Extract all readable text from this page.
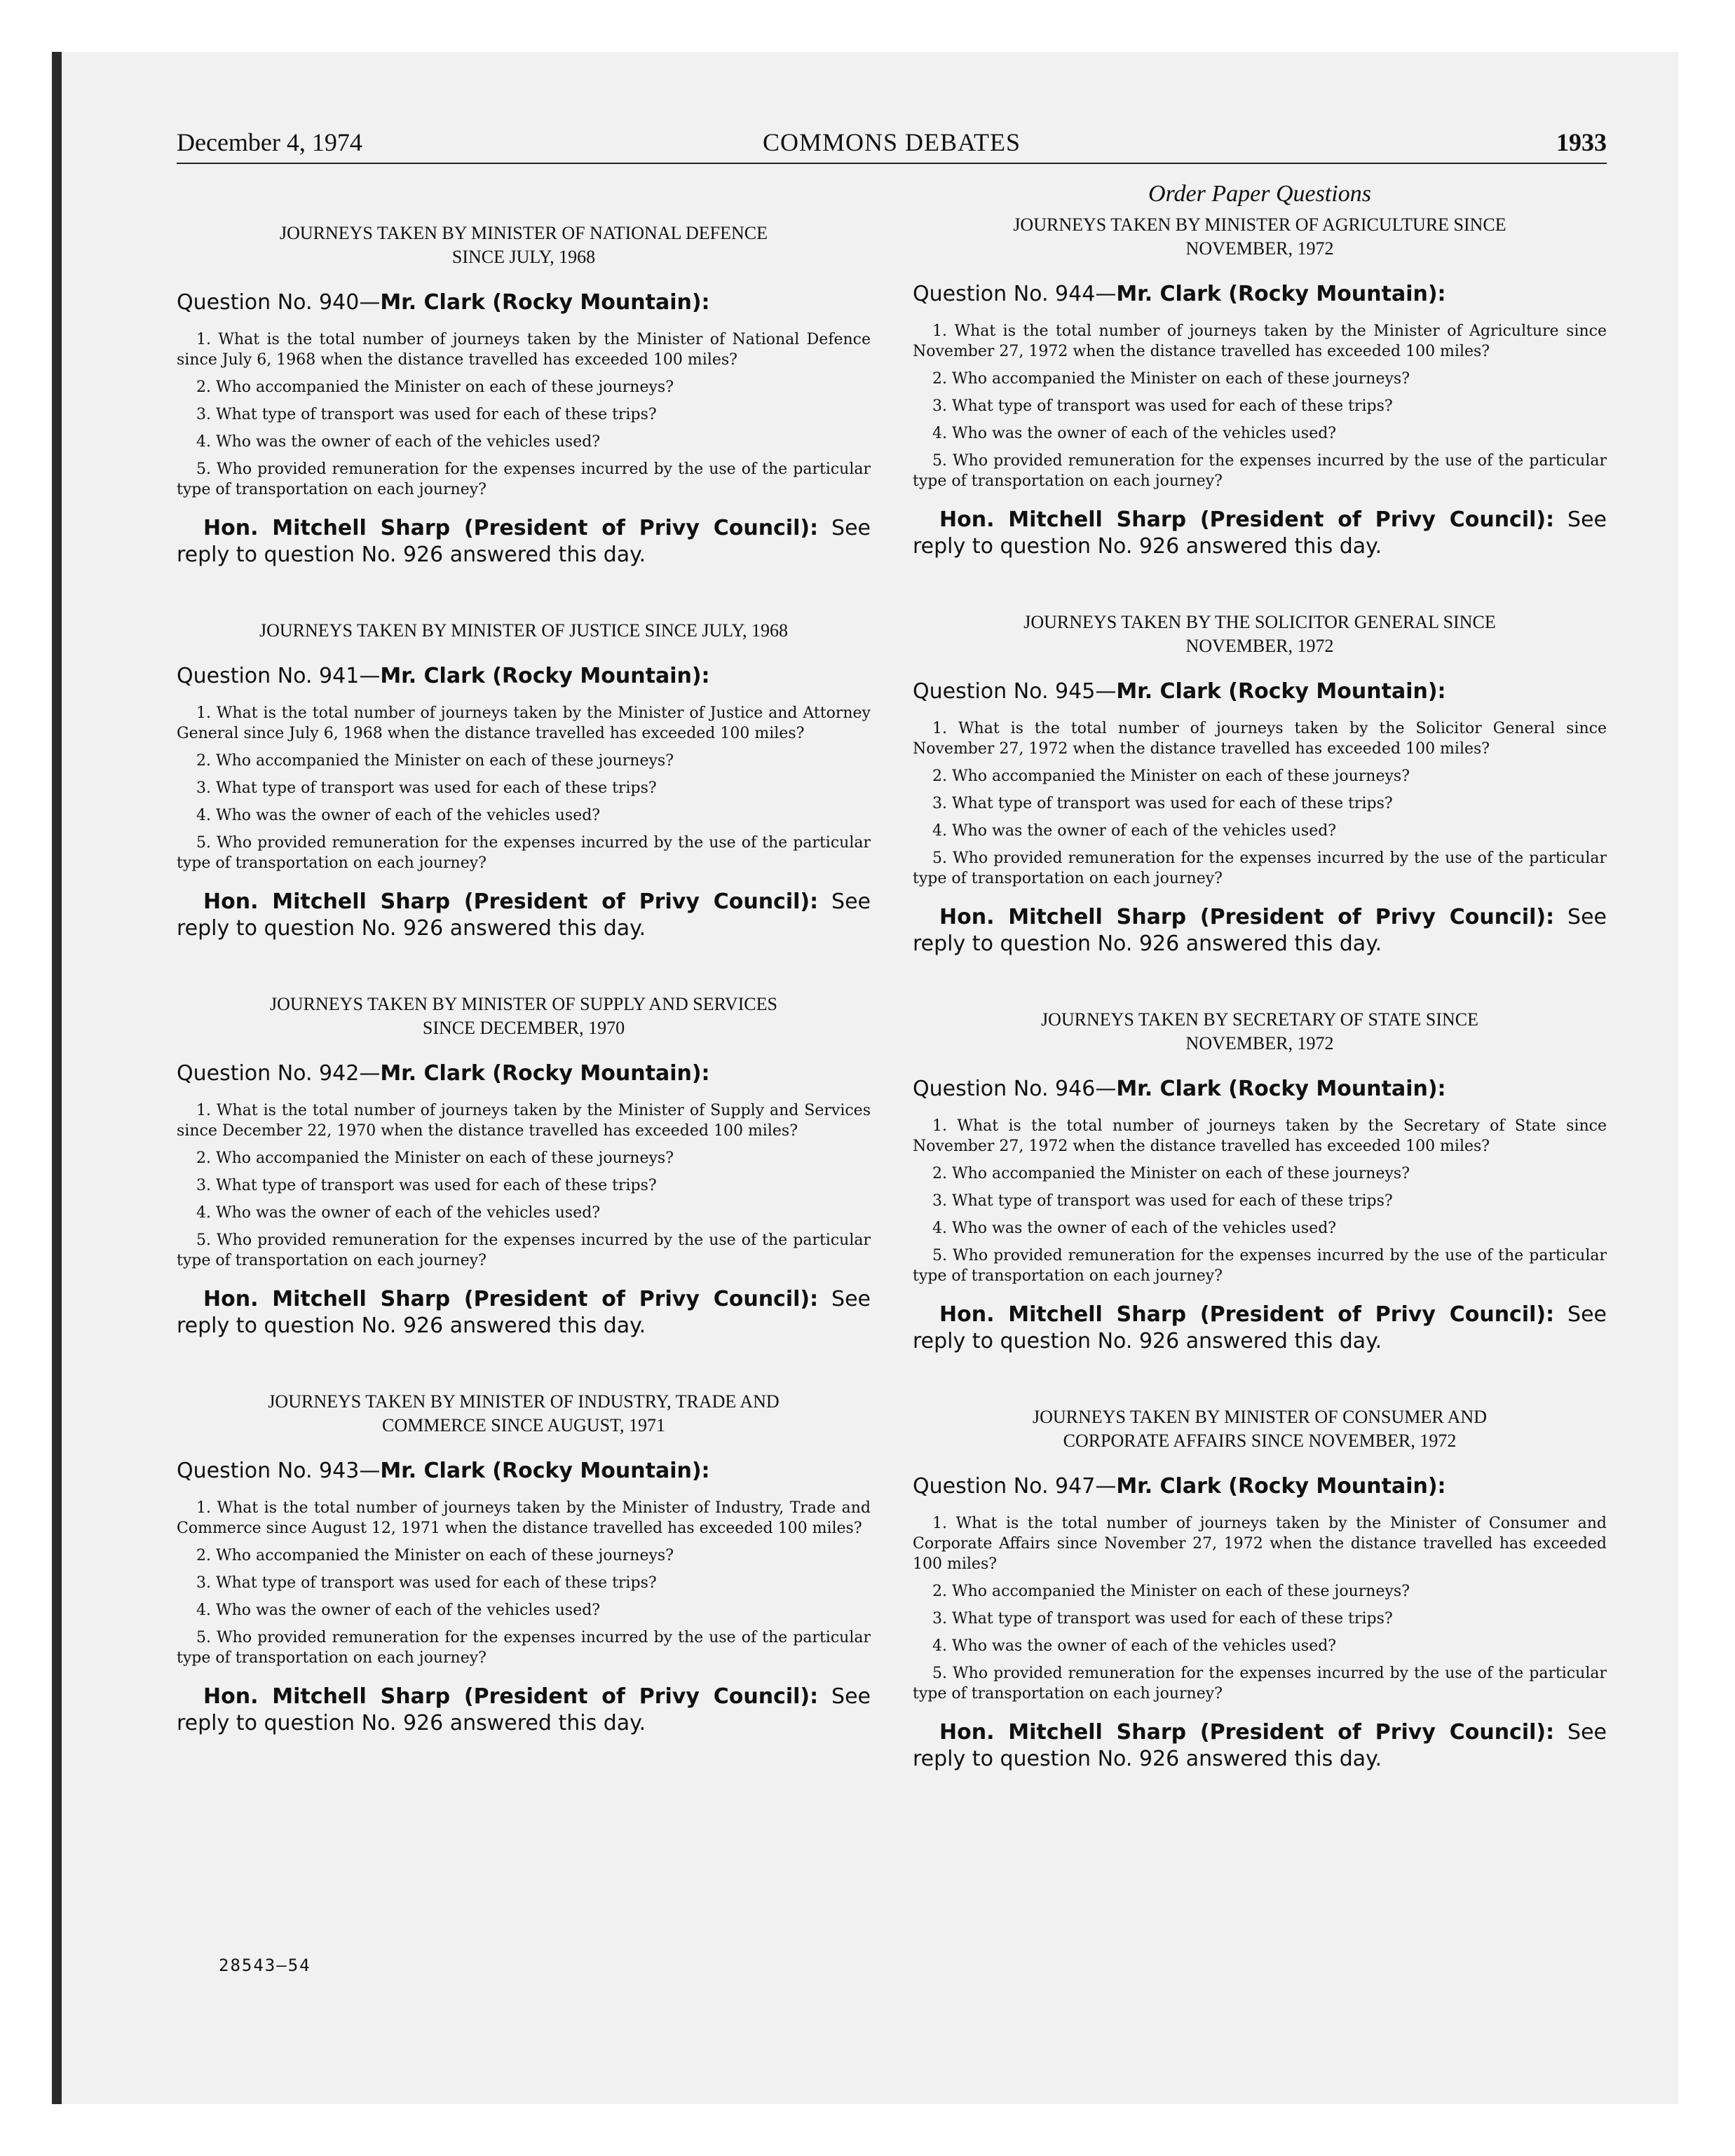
December 4, 1974	COMMONS DEBATES	1933
JOURNEYS TAKEN BY MINISTER OF NATIONAL DEFENCE
SINCE JULY, 1968

Question No. 940—Mr. Clark (Rocky Mountain):

1. What is the total number of journeys taken by the Minister of National Defence since July 6, 1968 when the distance travelled has exceeded 100 miles?

2. Who accompanied the Minister on each of these journeys?

3. What type of transport was used for each of these trips?

4. Who was the owner of each of the vehicles used?

5. Who provided remuneration for the expenses incurred by the use of the particular type of transportation on each journey?

Hon. Mitchell Sharp (President of Privy Council): See reply to question No. 926 answered this day.

JOURNEYS TAKEN BY MINISTER OF JUSTICE SINCE JULY, 1968

Question No. 941—Mr. Clark (Rocky Mountain):

1. What is the total number of journeys taken by the Minister of Justice and Attorney General since July 6, 1968 when the distance travelled has exceeded 100 miles?

2. Who accompanied the Minister on each of these journeys?

3. What type of transport was used for each of these trips?

4. Who was the owner of each of the vehicles used?

5. Who provided remuneration for the expenses incurred by the use of the particular type of transportation on each journey?

Hon. Mitchell Sharp (President of Privy Council): See reply to question No. 926 answered this day.

JOURNEYS TAKEN BY MINISTER OF SUPPLY AND SERVICES
SINCE DECEMBER, 1970

Question No. 942—Mr. Clark (Rocky Mountain):

1. What is the total number of journeys taken by the Minister of Supply and Services since December 22, 1970 when the distance travelled has exceeded 100 miles?

2. Who accompanied the Minister on each of these journeys?

3. What type of transport was used for each of these trips?

4. Who was the owner of each of the vehicles used?

5. Who provided remuneration for the expenses incurred by the use of the particular type of transportation on each journey?

Hon. Mitchell Sharp (President of Privy Council): See reply to question No. 926 answered this day.

JOURNEYS TAKEN BY MINISTER OF INDUSTRY, TRADE AND
COMMERCE SINCE AUGUST, 1971

Question No. 943—Mr. Clark (Rocky Mountain):

1. What is the total number of journeys taken by the Minister of Industry, Trade and Commerce since August 12, 1971 when the distance travelled has exceeded 100 miles?

2. Who accompanied the Minister on each of these journeys?

3. What type of transport was used for each of these trips?

4. Who was the owner of each of the vehicles used?

5. Who provided remuneration for the expenses incurred by the use of the particular type of transportation on each journey?

Hon. Mitchell Sharp (President of Privy Council): See reply to question No. 926 answered this day.

Order Paper Questions
JOURNEYS TAKEN BY MINISTER OF AGRICULTURE SINCE
NOVEMBER, 1972

Question No. 944—Mr. Clark (Rocky Mountain):

1. What is the total number of journeys taken by the Minister of Agriculture since November 27, 1972 when the distance travelled has exceeded 100 miles?

2. Who accompanied the Minister on each of these journeys?

3. What type of transport was used for each of these trips?

4. Who was the owner of each of the vehicles used?

5. Who provided remuneration for the expenses incurred by the use of the particular type of transportation on each journey?

Hon. Mitchell Sharp (President of Privy Council): See reply to question No. 926 answered this day.

JOURNEYS TAKEN BY THE SOLICITOR GENERAL SINCE
NOVEMBER, 1972

Question No. 945—Mr. Clark (Rocky Mountain):

1. What is the total number of journeys taken by the Solicitor General since November 27, 1972 when the distance travelled has exceeded 100 miles?

2. Who accompanied the Minister on each of these journeys?

3. What type of transport was used for each of these trips?

4. Who was the owner of each of the vehicles used?

5. Who provided remuneration for the expenses incurred by the use of the particular type of transportation on each journey?

Hon. Mitchell Sharp (President of Privy Council): See reply to question No. 926 answered this day.

JOURNEYS TAKEN BY SECRETARY OF STATE SINCE
NOVEMBER, 1972

Question No. 946—Mr. Clark (Rocky Mountain):

1. What is the total number of journeys taken by the Secretary of State since November 27, 1972 when the distance travelled has exceeded 100 miles?

2. Who accompanied the Minister on each of these journeys?

3. What type of transport was used for each of these trips?

4. Who was the owner of each of the vehicles used?

5. Who provided remuneration for the expenses incurred by the use of the particular type of transportation on each journey?

Hon. Mitchell Sharp (President of Privy Council): See reply to question No. 926 answered this day.

JOURNEYS TAKEN BY MINISTER OF CONSUMER AND
CORPORATE AFFAIRS SINCE NOVEMBER, 1972

Question No. 947—Mr. Clark (Rocky Mountain):

1. What is the total number of journeys taken by the Minister of Consumer and Corporate Affairs since November 27, 1972 when the distance travelled has exceeded 100 miles?

2. Who accompanied the Minister on each of these journeys?

3. What type of transport was used for each of these trips?

4. Who was the owner of each of the vehicles used?

5. Who provided remuneration for the expenses incurred by the use of the particular type of transportation on each journey?

Hon. Mitchell Sharp (President of Privy Council): See reply to question No. 926 answered this day.

28543—54
